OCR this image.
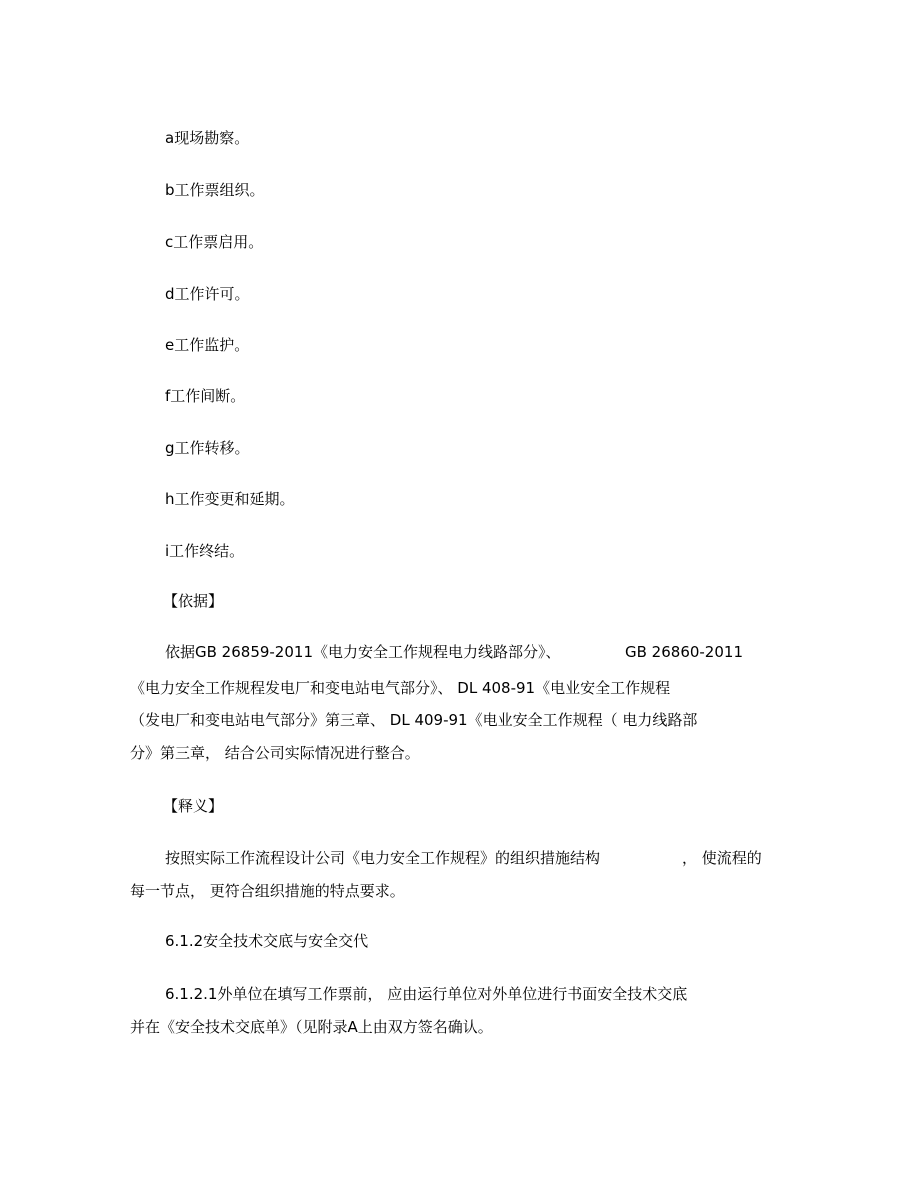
a现场勘察。

b工作票组织。

c工作票启用。

d工作许可。

e工作监护。

f工作间断。

g工作转移。

h工作变更和延期。

i工作终结。

【依据】

依据GB 26859-2011《电力安全工作规程电力线路部分》、	GB 26860-2011

《电力安全工作规程发电厂和变电站电气部分》、 DL 408-91《电业安全工作规程

（发电厂和变电站电气部分》第三章、 DL 409-91《电业安全工作规程（ 电力线路部

分》第三章， 结合公司实际情况进行整合。

【释义】

按照实际工作流程设计公司《电力安全工作规程》的组织措施结构	， 使流程的

每一节点， 更符合组织措施的特点要求。

6.1.2安全技术交底与安全交代

6.1.2.1外单位在填写工作票前， 应由运行单位对外单位进行书面安全技术交底

并在《安全技术交底单》（见附录A上由双方签名确认。
